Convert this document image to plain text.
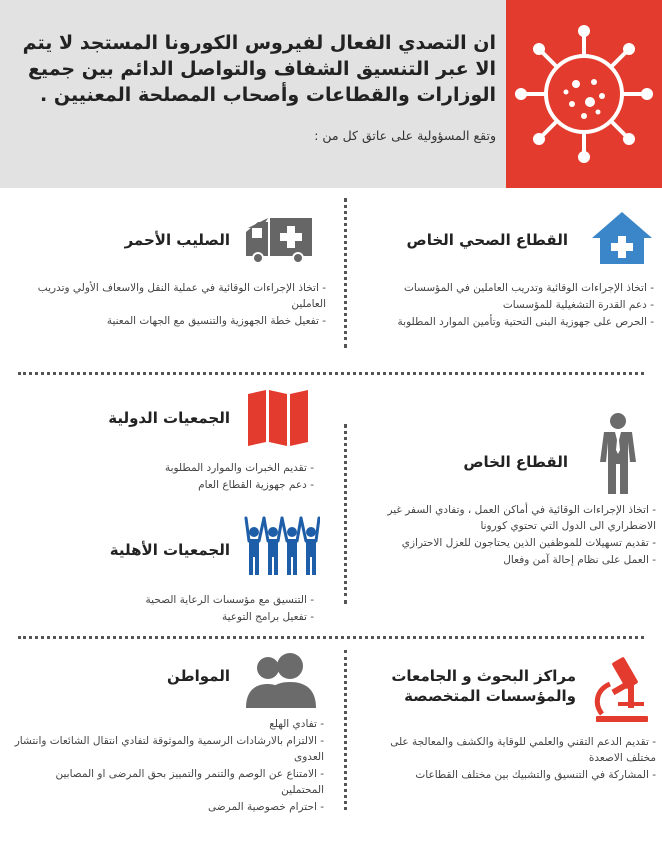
ان التصدي الفعال لفيروس الكورونا المستجد لا يتم الا عبر التنسيق الشفاف والتواصل الدائم بين جميع الوزارات والقطاعات وأصحاب المصلحة المعنيين .
وتقع المسؤولية على عاتق كل من :
القطاع الصحي الخاص
- اتخاذ الإجراءات الوقائية وتدريب العاملين في المؤسسات
- دعم القدرة التشغيلية للمؤسسات
- الحرص على جهوزية البنى التحتية وتأمين الموارد المطلوبة
الصليب الأحمر
- اتخاذ الإجراءات الوقائية في عملية النقل والاسعاف الأولي وتدريب العاملين
- تفعيل خطة الجهوزية والتنسيق مع الجهات المعنية
الجمعيات الدولية
- تقديم الخبرات والموارد المطلوبة
- دعم جهوزية القطاع العام
القطاع الخاص
- اتخاذ الإجراءات الوقائية في أماكن العمل ، وتفادي السفر غير الاضطراري الى الدول التي تحتوي كورونا
- تقديم تسهيلات للموظفين الذين يحتاجون للعزل الاحترازي
- العمل على نظام إحالة آمن وفعال
الجمعيات الأهلية
- التنسيق مع مؤسسات الرعاية الصحية
- تفعيل برامج التوعية
مراكز البحوث و الجامعات والمؤسسات المتخصصة
- تقديم الدعم التقني والعلمي للوقاية والكشف والمعالجة على مختلف الاصعدة
- المشاركة في التنسيق والتشبيك بين مختلف القطاعات
المواطن
- تفادي الهلع
- الالتزام بالارشادات الرسمية والموثوقة لتفادي انتقال الشائعات وانتشار العدوى
- الامتناع عن الوصم والتنمر والتمييز بحق المرضى او المصابين المحتملين
- احترام خصوصية المرضى
